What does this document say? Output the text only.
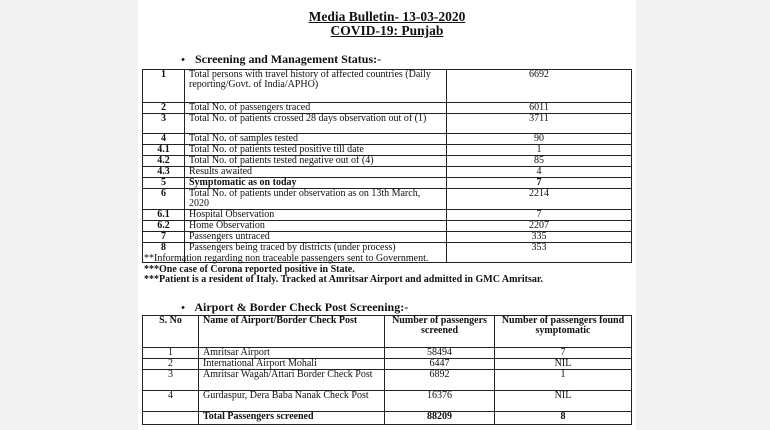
Media Bulletin- 13-03-2020
COVID-19: Punjab
• Screening and Management Status:-
1	Total persons with travel history of affected countries (Daily reporting/Govt. of India/APHO)	6692
2	Total No. of passengers traced	6011
3	Total No. of patients crossed 28 days observation out of (1)	3711
4	Total No. of samples tested	90
4.1	Total No. of patients tested positive till date	1
4.2	Total No. of patients tested negative out of (4)	85
4.3	Results awaited	4
5	Symptomatic as on today	7
6	Total No. of patients under observation as on 13th March, 2020	2214
6.1	Hospital Observation	7
6.2	Home Observation	2207
7	Passengers untraced	335
8	Passengers being traced by districts (under process)	353
**Information regarding non traceable passengers sent to Government.
***One case of Corona reported positive in State.
***Patient is a resident of Italy. Tracked at Amritsar Airport and admitted in GMC Amritsar.
• Airport & Border Check Post Screening:-
S. No	Name of Airport/Border Check Post	Number of passengers screened	Number of passengers found symptomatic
1	Amritsar Airport	58494	7
2	International Airport Mohali	6447	NIL
3	Amritsar Wagah/Attari Border Check Post	6892	1
4	Gurdaspur, Dera Baba Nanak Check Post	16376	NIL
	Total Passengers screened	88209	8
